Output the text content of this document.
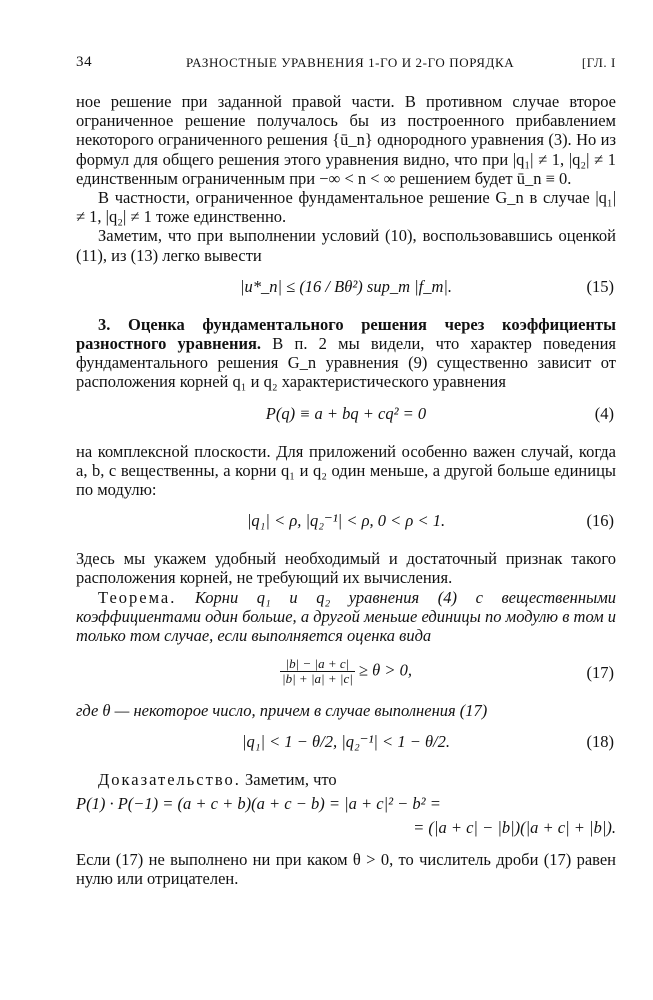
34	РАЗНОСТНЫЕ УРАВНЕНИЯ 1-ГО И 2-ГО ПОРЯДКА	[ГЛ. I

ное решение при заданной правой части. В противном случае второе ограниченное решение получалось бы из построенного прибавлением некоторого ограниченного решения {ū_n} однородного уравнения (3). Но из формул для общего решения этого уравнения видно, что при |q₁| ≠ 1, |q₂| ≠ 1 единственным ограниченным при −∞ < n < ∞ решением будет ū_n ≡ 0.

В частности, ограниченное фундаментальное решение G_n в случае |q₁| ≠ 1, |q₂| ≠ 1 тоже единственно.

Заметим, что при выполнении условий (10), воспользовавшись оценкой (11), из (13) легко вывести

|u*_n| ≤ (16 / Bθ²) sup_m |f_m|.	(15)

3. Оценка фундаментального решения через коэффициенты разностного уравнения. В п. 2 мы видели, что характер поведения фундаментального решения G_n уравнения (9) существенно зависит от расположения корней q₁ и q₂ характеристического уравнения

P(q) ≡ a + bq + cq² = 0	(4)

на комплексной плоскости. Для приложений особенно важен случай, когда a, b, c вещественны, а корни q₁ и q₂ один меньше, а другой больше единицы по модулю:

|q₁| < ρ, |q₂⁻¹| < ρ, 0 < ρ < 1.	(16)

Здесь мы укажем удобный необходимый и достаточный признак такого расположения корней, не требующий их вычисления.

Теорема. Корни q₁ и q₂ уравнения (4) с вещественными коэффициентами один больше, а другой меньше единицы по модулю в том и только том случае, если выполняется оценка вида

$\frac{|b| - |a + c|}{|b| + |a| + |c|} \ge \theta > 0$,	(17)

где θ — некоторое число, причем в случае выполнения (17)

|q₁| < 1 − θ/2, |q₂⁻¹| < 1 − θ/2.	(18)

Доказательство. Заметим, что

P(1) · P(−1) = (a + c + b)(a + c − b) = |a + c|² − b² =
= (|a + c| − |b|)(|a + c| + |b|).

Если (17) не выполнено ни при каком θ > 0, то числитель дроби (17) равен нулю или отрицателен.
